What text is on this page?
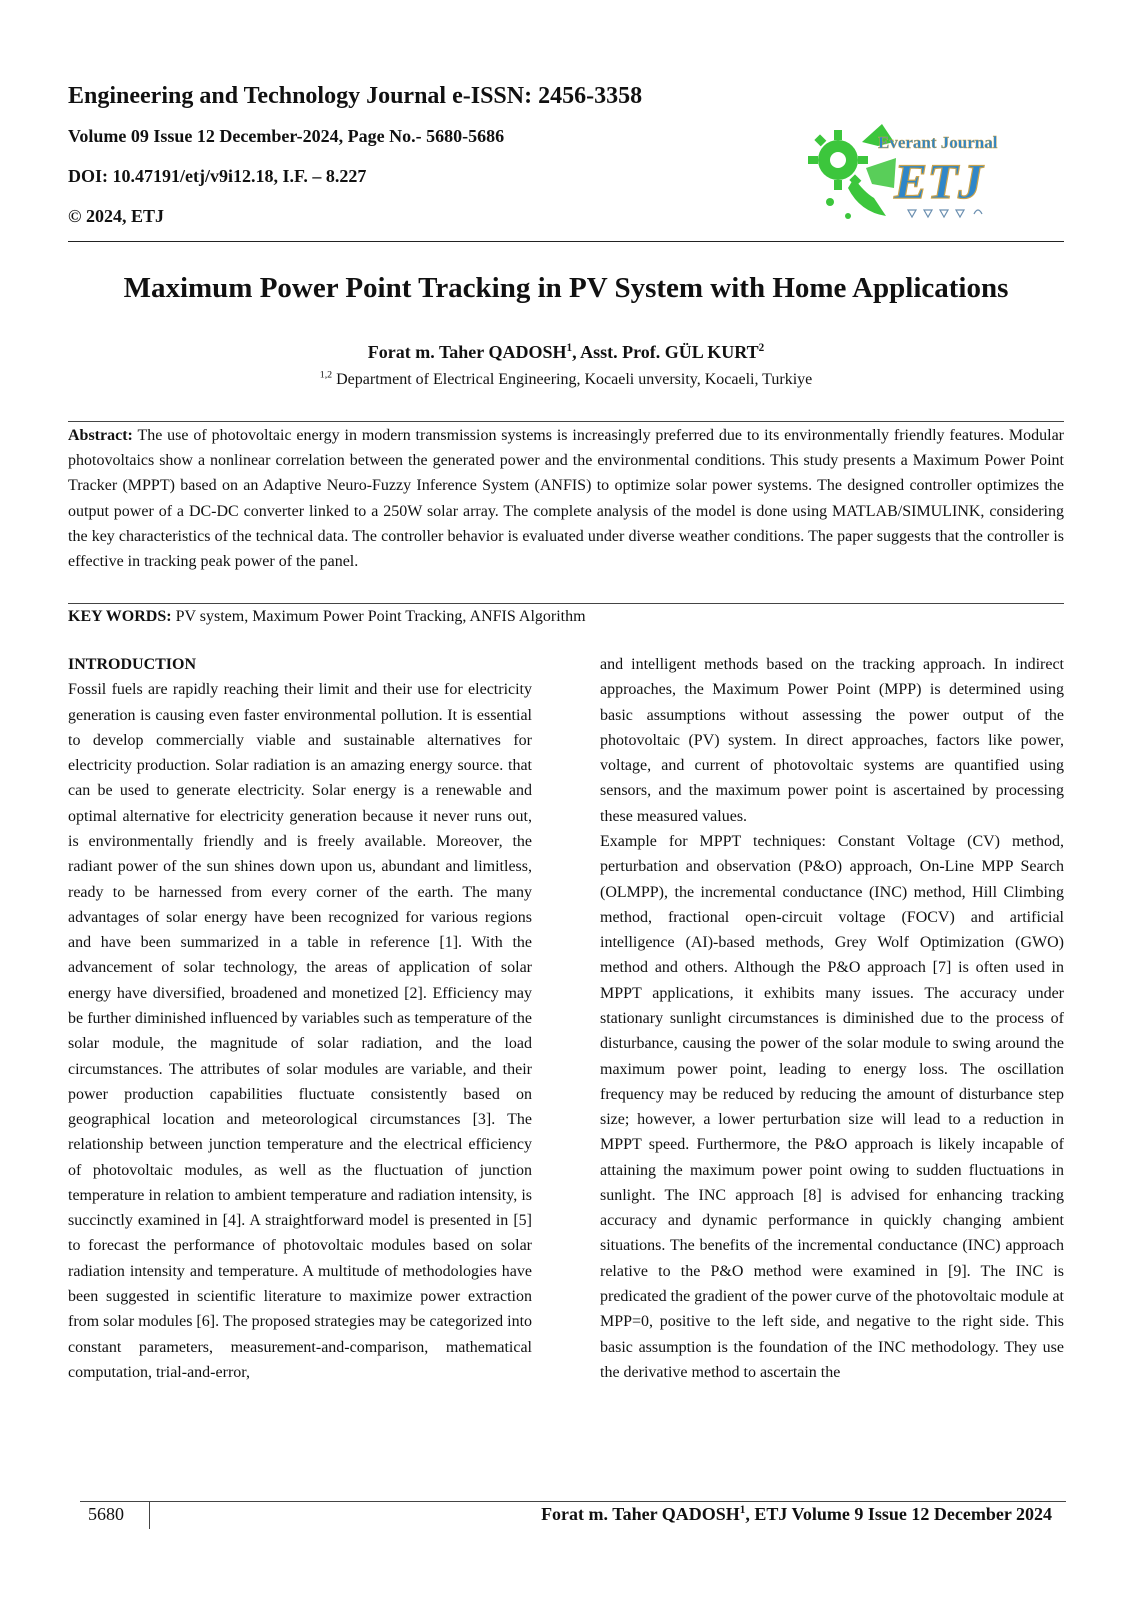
Engineering and Technology Journal e-ISSN: 2456-3358
Volume 09 Issue 12 December-2024, Page No.- 5680-5686
DOI: 10.47191/etj/v9i12.18, I.F. – 8.227
© 2024, ETJ
Everant Journal
ETJ
Maximum Power Point Tracking in PV System with Home Applications
Forat m. Taher QADOSH$^1$, Asst. Prof. GÜL KURT$^2$
$^{1,2}$ Department of Electrical Engineering, Kocaeli unversity, Kocaeli, Turkiye

Abstract: The use of photovoltaic energy in modern transmission systems is increasingly preferred due to its environmentally friendly features. Modular photovoltaics show a nonlinear correlation between the generated power and the environmental conditions. This study presents a Maximum Power Point Tracker (MPPT) based on an Adaptive Neuro-Fuzzy Inference System (ANFIS) to optimize solar power systems. The designed controller optimizes the output power of a DC-DC converter linked to a 250W solar array. The complete analysis of the model is done using MATLAB/SIMULINK, considering the key characteristics of the technical data. The controller behavior is evaluated under diverse weather conditions. The paper suggests that the controller is effective in tracking peak power of the panel.

KEY WORDS: PV system, Maximum Power Point Tracking, ANFIS Algorithm

INTRODUCTION

Fossil fuels are rapidly reaching their limit and their use for electricity generation is causing even faster environmental pollution. It is essential to develop commercially viable and sustainable alternatives for electricity production. Solar radiation is an amazing energy source. that can be used to generate electricity. Solar energy is a renewable and optimal alternative for electricity generation because it never runs out, is environmentally friendly and is freely available. Moreover, the radiant power of the sun shines down upon us, abundant and limitless, ready to be harnessed from every corner of the earth. The many advantages of solar energy have been recognized for various regions and have been summarized in a table in reference [1]. With the advancement of solar technology, the areas of application of solar energy have diversified, broadened and monetized [2]. Efficiency may be further diminished influenced by variables such as temperature of the solar module, the magnitude of solar radiation, and the load circumstances. The attributes of solar modules are variable, and their power production capabilities fluctuate consistently based on geographical location and meteorological circumstances [3]. The relationship between junction temperature and the electrical efficiency of photovoltaic modules, as well as the fluctuation of junction temperature in relation to ambient temperature and radiation intensity, is succinctly examined in [4]. A straightforward model is presented in [5] to forecast the performance of photovoltaic modules based on solar radiation intensity and temperature. A multitude of methodologies have been suggested in scientific literature to maximize power extraction from solar modules [6]. The proposed strategies may be categorized into constant parameters, measurement-and-comparison, mathematical computation, trial-and-error,

and intelligent methods based on the tracking approach. In indirect approaches, the Maximum Power Point (MPP) is determined using basic assumptions without assessing the power output of the photovoltaic (PV) system. In direct approaches, factors like power, voltage, and current of photovoltaic systems are quantified using sensors, and the maximum power point is ascertained by processing these measured values.

Example for MPPT techniques: Constant Voltage (CV) method, perturbation and observation (P&O) approach, On-Line MPP Search (OLMPP), the incremental conductance (INC) method, Hill Climbing method, fractional open-circuit voltage (FOCV) and artificial intelligence (AI)-based methods, Grey Wolf Optimization (GWO) method and others. Although the P&O approach [7] is often used in MPPT applications, it exhibits many issues. The accuracy under stationary sunlight circumstances is diminished due to the process of disturbance, causing the power of the solar module to swing around the maximum power point, leading to energy loss. The oscillation frequency may be reduced by reducing the amount of disturbance step size; however, a lower perturbation size will lead to a reduction in MPPT speed. Furthermore, the P&O approach is likely incapable of attaining the maximum power point owing to sudden fluctuations in sunlight. The INC approach [8] is advised for enhancing tracking accuracy and dynamic performance in quickly changing ambient situations. The benefits of the incremental conductance (INC) approach relative to the P&O method were examined in [9]. The INC is predicated the gradient of the power curve of the photovoltaic module at MPP=0, positive to the left side, and negative to the right side. This basic assumption is the foundation of the INC methodology. They use the derivative method to ascertain the

5680	Forat m. Taher QADOSH$^1$, ETJ Volume 9 Issue 12 December 2024
